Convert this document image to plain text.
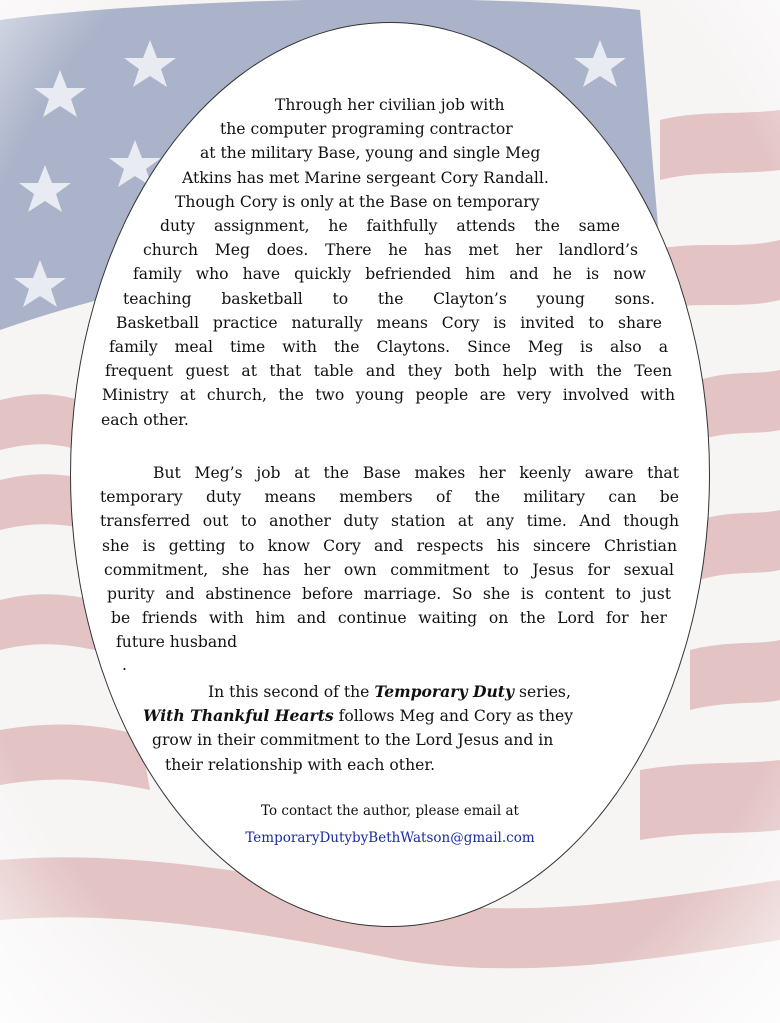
Through her civilian job with
the computer programing contractor
at the military Base, young and single Meg
Atkins has met Marine sergeant Cory Randall.
Though Cory is only at the Base on temporary
duty assignment, he faithfully attends the same
church Meg does. There he has met her landlord’s
family who have quickly befriended him and he is now
teaching basketball to the Clayton’s young sons.
Basketball practice naturally means Cory is invited to share
family meal time with the Claytons. Since Meg is also a
frequent guest at that table and they both help with the Teen
Ministry at church, the two young people are very involved with
each other.
But Meg’s job at the Base makes her keenly aware that
temporary duty means members of the military can be
transferred out to another duty station at any time. And though
she is getting to know Cory and respects his sincere Christian
commitment, she has her own commitment to Jesus for sexual
purity and abstinence before marriage. So she is content to just
be friends with him and continue waiting on the Lord for her
future husband
.
In this second of the Temporary Duty series,
With Thankful Hearts follows Meg and Cory as they
grow in their commitment to the Lord Jesus and in
their relationship with each other.
To contact the author, please email at
TemporaryDutybyBethWatson@gmail.com
